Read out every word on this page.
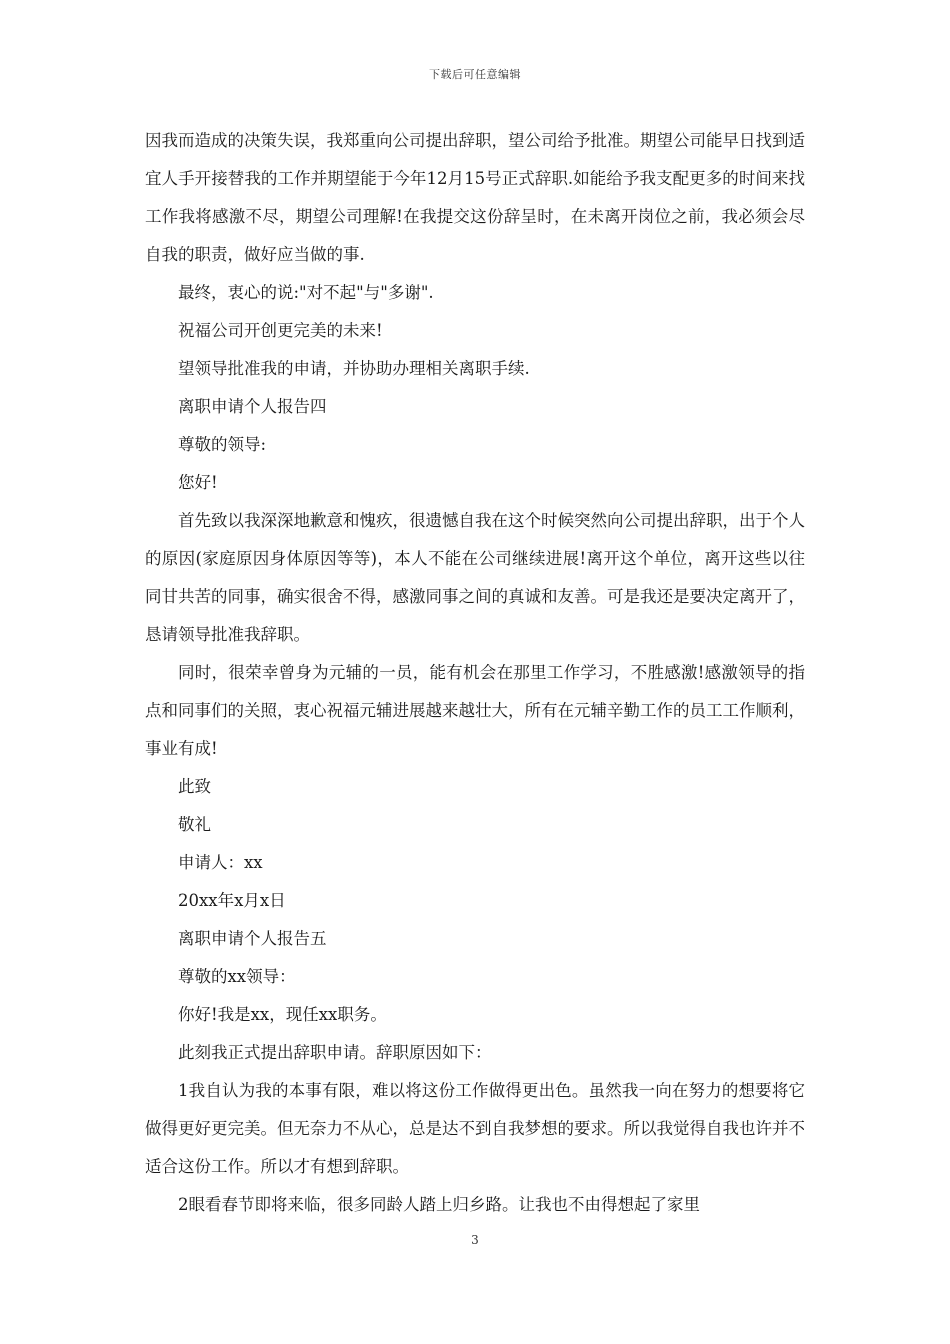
下载后可任意编辑

因我而造成的决策失误，我郑重向公司提出辞职，望公司给予批准。期望公司能早日找到适宜人手开接替我的工作并期望能于今年12月15号正式辞职.如能给予我支配更多的时间来找工作我将感激不尽，期望公司理解!在我提交这份辞呈时，在未离开岗位之前，我必须会尽自我的职责，做好应当做的事.

最终，衷心的说:"对不起"与"多谢".

祝福公司开创更完美的未来!

望领导批准我的申请，并协助办理相关离职手续.

离职申请个人报告四

尊敬的领导:

您好!

首先致以我深深地歉意和愧疚，很遗憾自我在这个时候突然向公司提出辞职，出于个人的原因(家庭原因身体原因等等)，本人不能在公司继续进展!离开这个单位，离开这些以往同甘共苦的同事，确实很舍不得，感激同事之间的真诚和友善。可是我还是要决定离开了，恳请领导批准我辞职。

同时，很荣幸曾身为元辅的一员，能有机会在那里工作学习，不胜感激!感激领导的指点和同事们的关照，衷心祝福元辅进展越来越壮大，所有在元辅辛勤工作的员工工作顺利，事业有成!

此致

敬礼

申请人：xx

20xx年x月x日

离职申请个人报告五

尊敬的xx领导：

你好!我是xx，现任xx职务。

此刻我正式提出辞职申请。辞职原因如下：

1我自认为我的本事有限，难以将这份工作做得更出色。虽然我一向在努力的想要将它做得更好更完美。但无奈力不从心，总是达不到自我梦想的要求。所以我觉得自我也许并不适合这份工作。所以才有想到辞职。

2眼看春节即将来临，很多同龄人踏上归乡路。让我也不由得想起了家里

3
